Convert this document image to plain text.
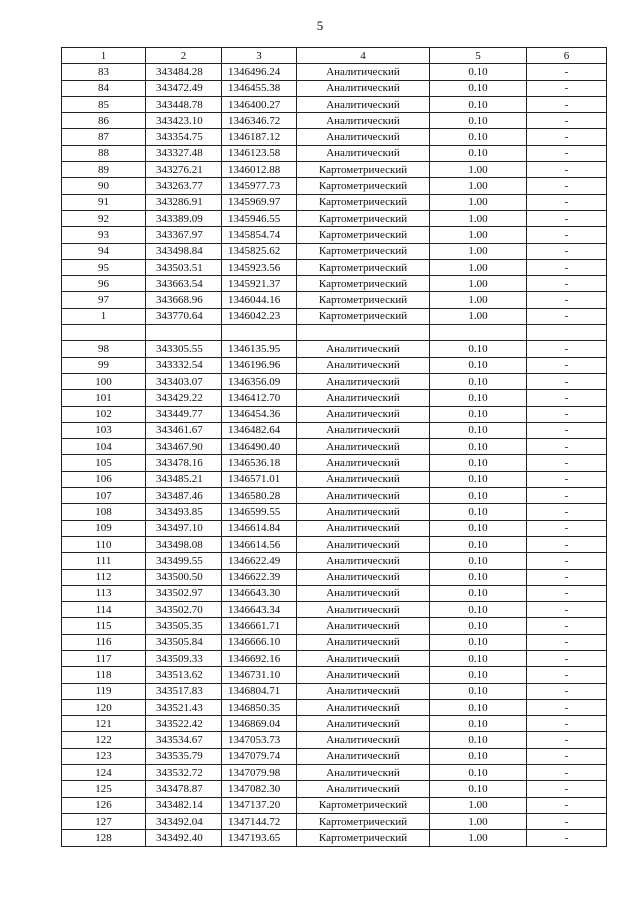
5
1	2	3	4	5	6
83	343484.28	1346496.24	Аналитический	0.10	-
84	343472.49	1346455.38	Аналитический	0.10	-
85	343448.78	1346400.27	Аналитический	0.10	-
86	343423.10	1346346.72	Аналитический	0.10	-
87	343354.75	1346187.12	Аналитический	0.10	-
88	343327.48	1346123.58	Аналитический	0.10	-
89	343276.21	1346012.88	Картометрический	1.00	-
90	343263.77	1345977.73	Картометрический	1.00	-
91	343286.91	1345969.97	Картометрический	1.00	-
92	343389.09	1345946.55	Картометрический	1.00	-
93	343367.97	1345854.74	Картометрический	1.00	-
94	343498.84	1345825.62	Картометрический	1.00	-
95	343503.51	1345923.56	Картометрический	1.00	-
96	343663.54	1345921.37	Картометрический	1.00	-
97	343668.96	1346044.16	Картометрический	1.00	-
1	343770.64	1346042.23	Картометрический	1.00	-

98	343305.55	1346135.95	Аналитический	0.10	-
99	343332.54	1346196.96	Аналитический	0.10	-
100	343403.07	1346356.09	Аналитический	0.10	-
101	343429.22	1346412.70	Аналитический	0.10	-
102	343449.77	1346454.36	Аналитический	0.10	-
103	343461.67	1346482.64	Аналитический	0.10	-
104	343467.90	1346490.40	Аналитический	0.10	-
105	343478.16	1346536.18	Аналитический	0.10	-
106	343485.21	1346571.01	Аналитический	0.10	-
107	343487.46	1346580.28	Аналитический	0.10	-
108	343493.85	1346599.55	Аналитический	0.10	-
109	343497.10	1346614.84	Аналитический	0.10	-
110	343498.08	1346614.56	Аналитический	0.10	-
111	343499.55	1346622.49	Аналитический	0.10	-
112	343500.50	1346622.39	Аналитический	0.10	-
113	343502.97	1346643.30	Аналитический	0.10	-
114	343502.70	1346643.34	Аналитический	0.10	-
115	343505.35	1346661.71	Аналитический	0.10	-
116	343505.84	1346666.10	Аналитический	0.10	-
117	343509.33	1346692.16	Аналитический	0.10	-
118	343513.62	1346731.10	Аналитический	0.10	-
119	343517.83	1346804.71	Аналитический	0.10	-
120	343521.43	1346850.35	Аналитический	0.10	-
121	343522.42	1346869.04	Аналитический	0.10	-
122	343534.67	1347053.73	Аналитический	0.10	-
123	343535.79	1347079.74	Аналитический	0.10	-
124	343532.72	1347079.98	Аналитический	0.10	-
125	343478.87	1347082.30	Аналитический	0.10	-
126	343482.14	1347137.20	Картометрический	1.00	-
127	343492.04	1347144.72	Картометрический	1.00	-
128	343492.40	1347193.65	Картометрический	1.00	-
